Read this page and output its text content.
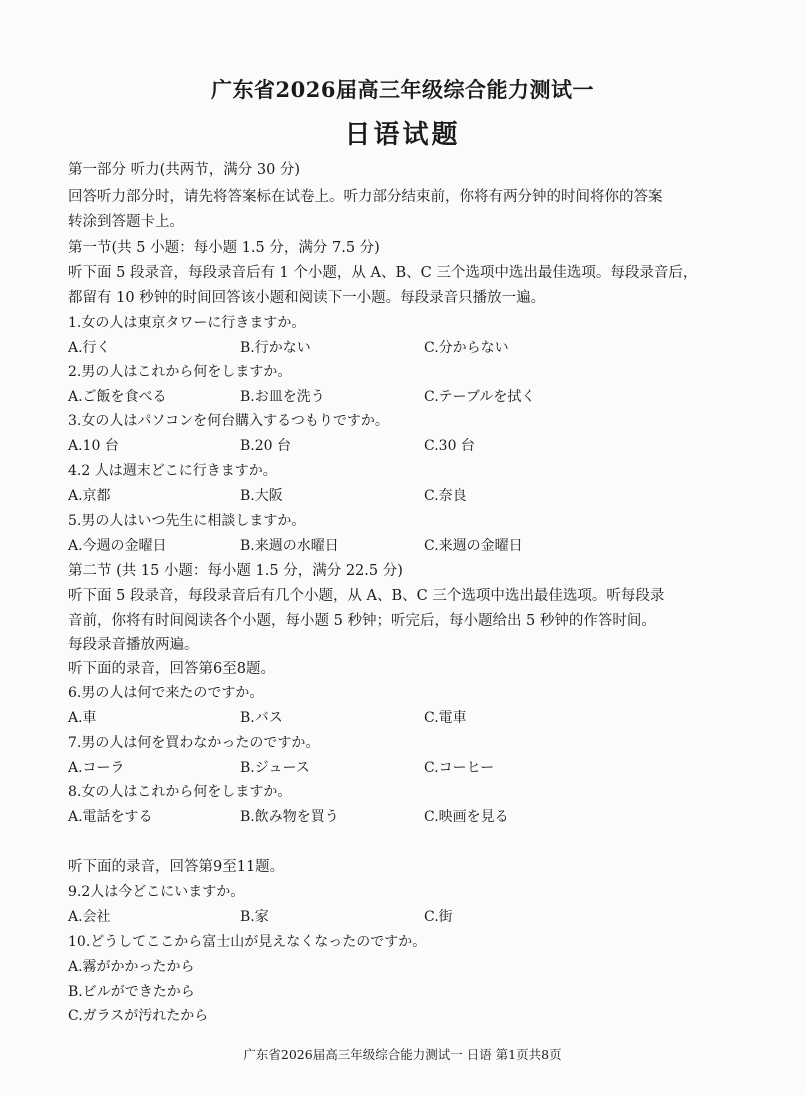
广东省2026届高三年级综合能力测试一
日语试题
第一部分 听力(共两节，满分 30 分)
回答听力部分时，请先将答案标在试卷上。听力部分结束前，你将有两分钟的时间将你的答案
转涂到答题卡上。
第一节(共 5 小题：每小题 1.5 分，满分 7.5 分)
听下面 5 段录音，每段录音后有 1 个小题，从 A、B、C 三个选项中选出最佳选项。每段录音后，
都留有 10 秒钟的时间回答该小题和阅读下一小题。每段录音只播放一遍。
1.女の人は東京タワーに行きますか。
A.行く	B.行かない	C.分からない
2.男の人はこれから何をしますか。
A.ご飯を食べる	B.お皿を洗う	C.テーブルを拭く
3.女の人はパソコンを何台購入するつもりですか。
A.10 台	B.20 台	C.30 台
4.2 人は週末どこに行きますか。
A.京都	B.大阪	C.奈良
5.男の人はいつ先生に相談しますか。
A.今週の金曜日	B.来週の水曜日	C.来週の金曜日
第二节 (共 15 小题：每小题 1.5 分，满分 22.5 分)
听下面 5 段录音，每段录音后有几个小题，从 A、B、C 三个选项中选出最佳选项。听每段录
音前，你将有时间阅读各个小题，每小题 5 秒钟；听完后，每小题给出 5 秒钟的作答时间。
每段录音播放两遍。
听下面的录音，回答第6至8题。
6.男の人は何で来たのですか。
A.車	B.バス	C.電車
7.男の人は何を買わなかったのですか。
A.コーラ	B.ジュース	C.コーヒー
8.女の人はこれから何をしますか。
A.電話をする	B.飲み物を買う	C.映画を見る
听下面的录音，回答第9至11题。
9.2人は今どこにいますか。
A.会社	B.家	C.街
10.どうしてここから富士山が見えなくなったのですか。
A.霧がかかったから
B.ビルができたから
C.ガラスが汚れたから
广东省2026届高三年级综合能力测试一 日语 第1页共8页
